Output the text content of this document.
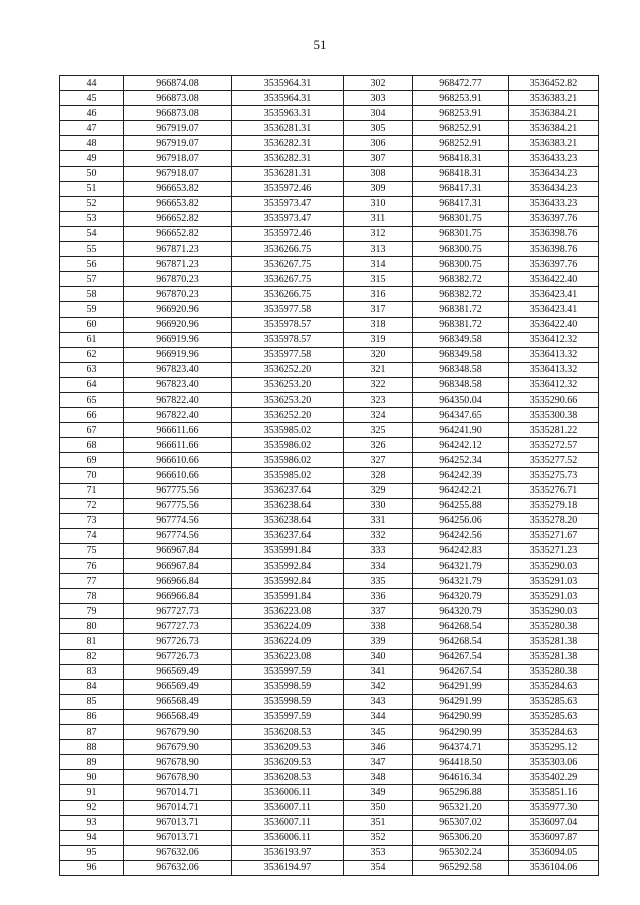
51
44	966874.08	3535964.31	302	968472.77	3536452.82
45	966873.08	3535964.31	303	968253.91	3536383.21
46	966873.08	3535963.31	304	968253.91	3536384.21
47	967919.07	3536281.31	305	968252.91	3536384.21
48	967919.07	3536282.31	306	968252.91	3536383.21
49	967918.07	3536282.31	307	968418.31	3536433.23
50	967918.07	3536281.31	308	968418.31	3536434.23
51	966653.82	3535972.46	309	968417.31	3536434.23
52	966653.82	3535973.47	310	968417.31	3536433.23
53	966652.82	3535973.47	311	968301.75	3536397.76
54	966652.82	3535972.46	312	968301.75	3536398.76
55	967871.23	3536266.75	313	968300.75	3536398.76
56	967871.23	3536267.75	314	968300.75	3536397.76
57	967870.23	3536267.75	315	968382.72	3536422.40
58	967870.23	3536266.75	316	968382.72	3536423.41
59	966920.96	3535977.58	317	968381.72	3536423.41
60	966920.96	3535978.57	318	968381.72	3536422.40
61	966919.96	3535978.57	319	968349.58	3536412.32
62	966919.96	3535977.58	320	968349.58	3536413.32
63	967823.40	3536252.20	321	968348.58	3536413.32
64	967823.40	3536253.20	322	968348.58	3536412.32
65	967822.40	3536253.20	323	964350.04	3535290.66
66	967822.40	3536252.20	324	964347.65	3535300.38
67	966611.66	3535985.02	325	964241.90	3535281.22
68	966611.66	3535986.02	326	964242.12	3535272.57
69	966610.66	3535986.02	327	964252.34	3535277.52
70	966610.66	3535985.02	328	964242.39	3535275.73
71	967775.56	3536237.64	329	964242.21	3535276.71
72	967775.56	3536238.64	330	964255.88	3535279.18
73	967774.56	3536238.64	331	964256.06	3535278.20
74	967774.56	3536237.64	332	964242.56	3535271.67
75	966967.84	3535991.84	333	964242.83	3535271.23
76	966967.84	3535992.84	334	964321.79	3535290.03
77	966966.84	3535992.84	335	964321.79	3535291.03
78	966966.84	3535991.84	336	964320.79	3535291.03
79	967727.73	3536223.08	337	964320.79	3535290.03
80	967727.73	3536224.09	338	964268.54	3535280.38
81	967726.73	3536224.09	339	964268.54	3535281.38
82	967726.73	3536223.08	340	964267.54	3535281.38
83	966569.49	3535997.59	341	964267.54	3535280.38
84	966569.49	3535998.59	342	964291.99	3535284.63
85	966568.49	3535998.59	343	964291.99	3535285.63
86	966568.49	3535997.59	344	964290.99	3535285.63
87	967679.90	3536208.53	345	964290.99	3535284.63
88	967679.90	3536209.53	346	964374.71	3535295.12
89	967678.90	3536209.53	347	964418.50	3535303.06
90	967678.90	3536208.53	348	964616.34	3535402.29
91	967014.71	3536006.11	349	965296.88	3535851.16
92	967014.71	3536007.11	350	965321.20	3535977.30
93	967013.71	3536007.11	351	965307.02	3536097.04
94	967013.71	3536006.11	352	965306.20	3536097.87
95	967632.06	3536193.97	353	965302.24	3536094.05
96	967632.06	3536194.97	354	965292.58	3536104.06
